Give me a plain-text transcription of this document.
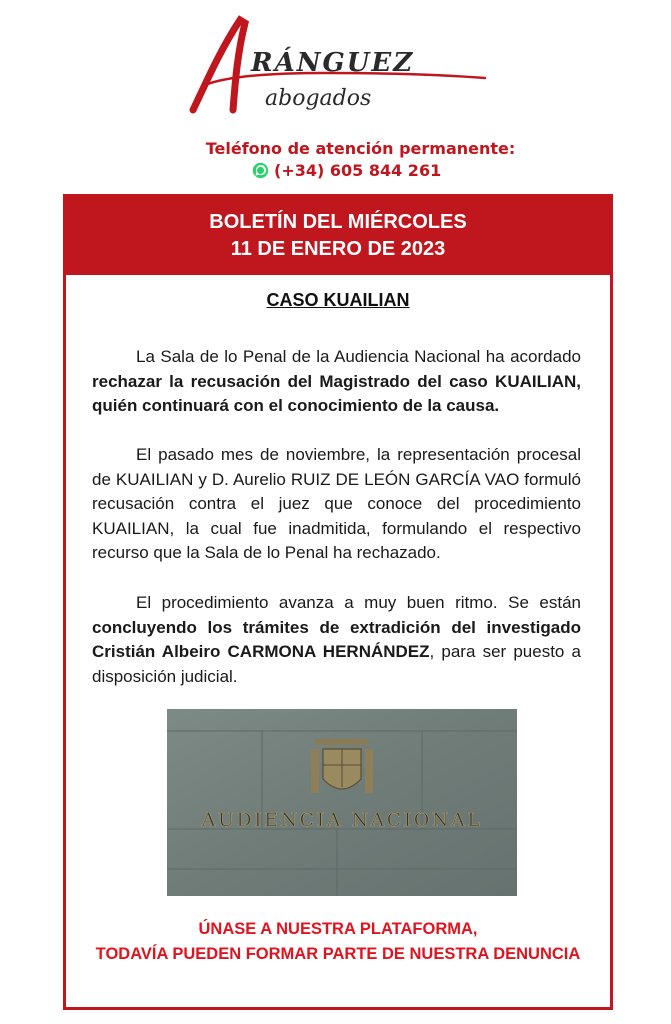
RÁNGUEZ
abogados
Teléfono de atención permanente:
(+34) 605 844 261
BOLETÍN DEL MIÉRCOLES
11 DE ENERO DE 2023
CASO KUAILIAN
La Sala de lo Penal de la Audiencia Nacional ha acordado rechazar la recusación del Magistrado del caso KUAILIAN, quién continuará con el conocimiento de la causa.
El pasado mes de noviembre, la representación procesal de KUAILIAN y D. Aurelio RUIZ DE LEÓN GARCÍA VAO formuló recusación contra el juez que conoce del procedimiento KUAILIAN, la cual fue inadmitida, formulando el respectivo recurso que la Sala de lo Penal ha rechazado.
El procedimiento avanza a muy buen ritmo. Se están concluyendo los trámites de extradición del investigado Cristián Albeiro CARMONA HERNÁNDEZ, para ser puesto a disposición judicial.
AUDIENCIA NACIONAL
ÚNASE A NUESTRA PLATAFORMA,
TODAVÍA PUEDEN FORMAR PARTE DE NUESTRA DENUNCIA
